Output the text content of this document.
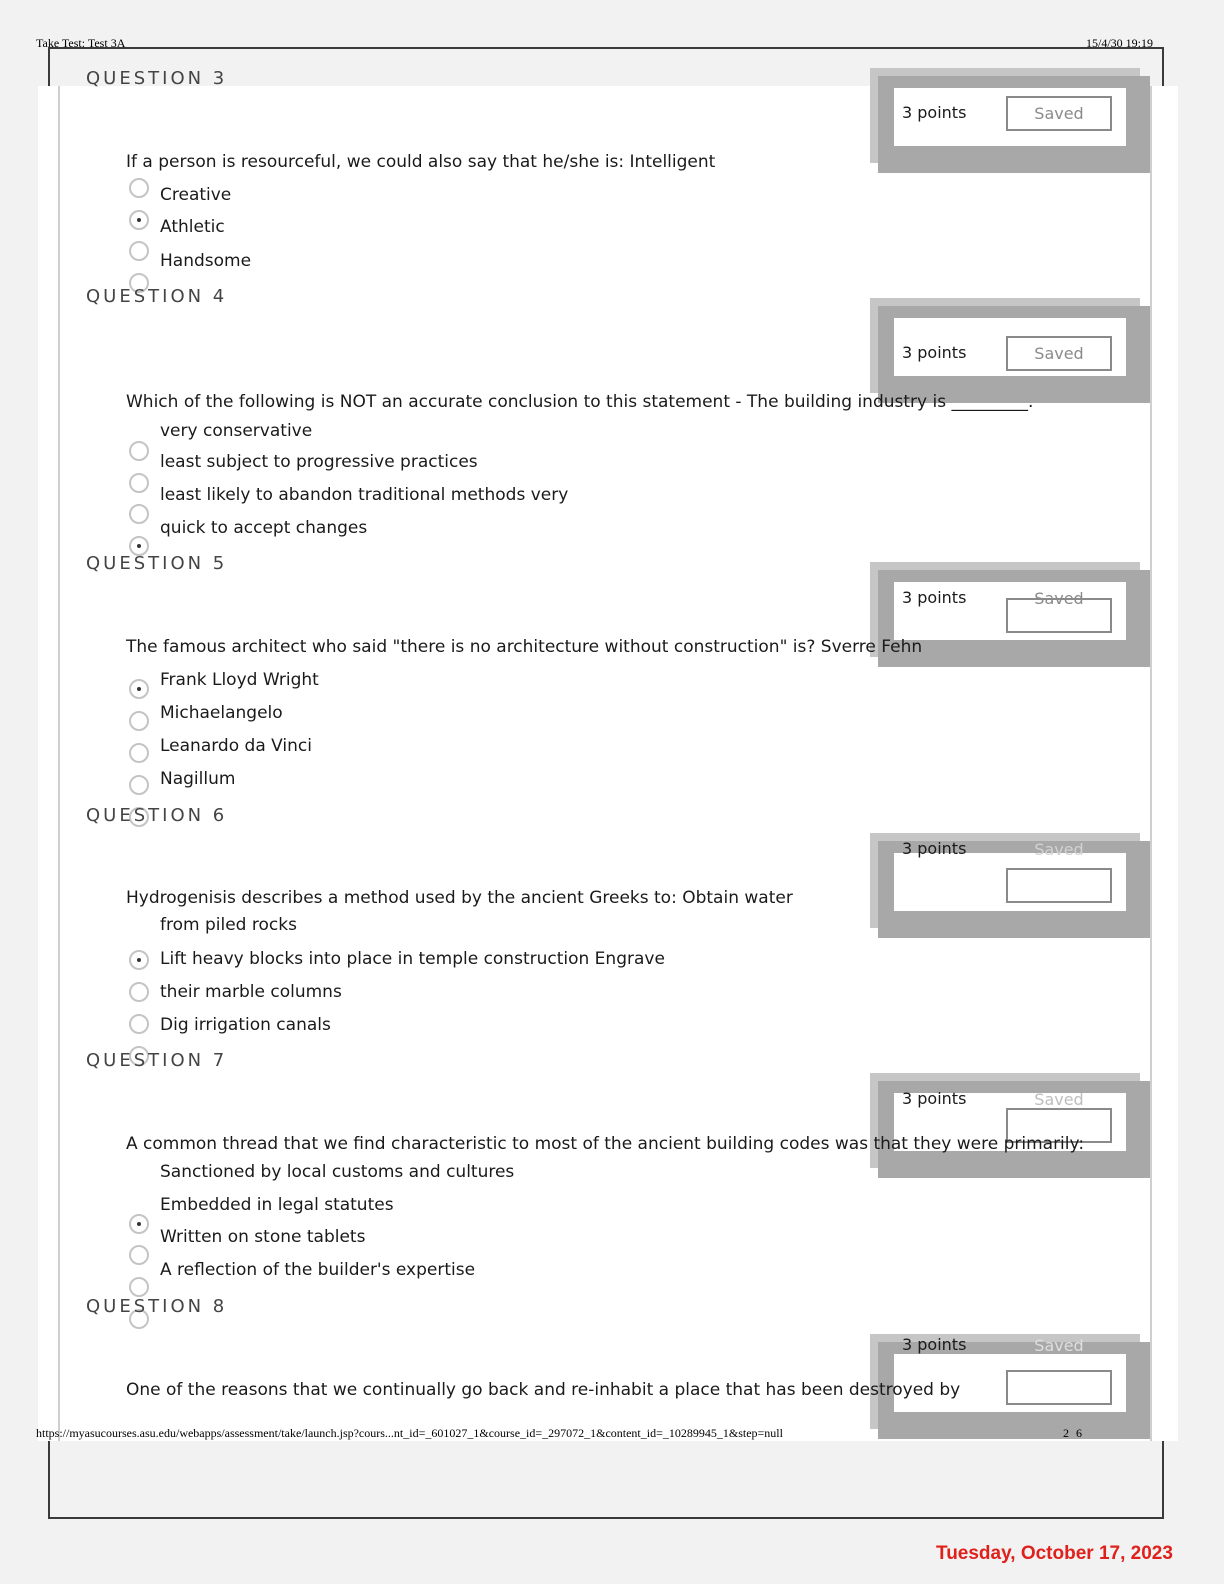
Take Test: Test 3A	15/4/30 19:19
QUESTION 3
3 points	Saved
If a person is resourceful, we could also say that he/she is: Intelligent
Creative
Athletic
Handsome
QUESTION 4
3 points	Saved
Which of the following is NOT an accurate conclusion to this statement - The building industry is _________.
very conservative
least subject to progressive practices
least likely to abandon traditional methods very
quick to accept changes
QUESTION 5
3 points	Saved
The famous architect who said "there is no architecture without construction" is? Sverre Fehn
Frank Lloyd Wright
Michaelangelo
Leanardo da Vinci
Nagillum
QUESTION 6
3 points	Saved
Hydrogenisis describes a method used by the ancient Greeks to: Obtain water
from piled rocks
Lift heavy blocks into place in temple construction Engrave
their marble columns
Dig irrigation canals
QUESTION 7
3 points	Saved
A common thread that we find characteristic to most of the ancient building codes was that they were primarily:
Sanctioned by local customs and cultures
Embedded in legal statutes
Written on stone tablets
A reflection of the builder's expertise
QUESTION 8
3 points	Saved
One of the reasons that we continually go back and re-inhabit a place that has been destroyed by
https://myasucourses.asu.edu/webapps/assessment/take/launch.jsp?cours...nt_id=_601027_1&course_id=_297072_1&content_id=_10289945_1&step=null	2 6
Tuesday, October 17, 2023
